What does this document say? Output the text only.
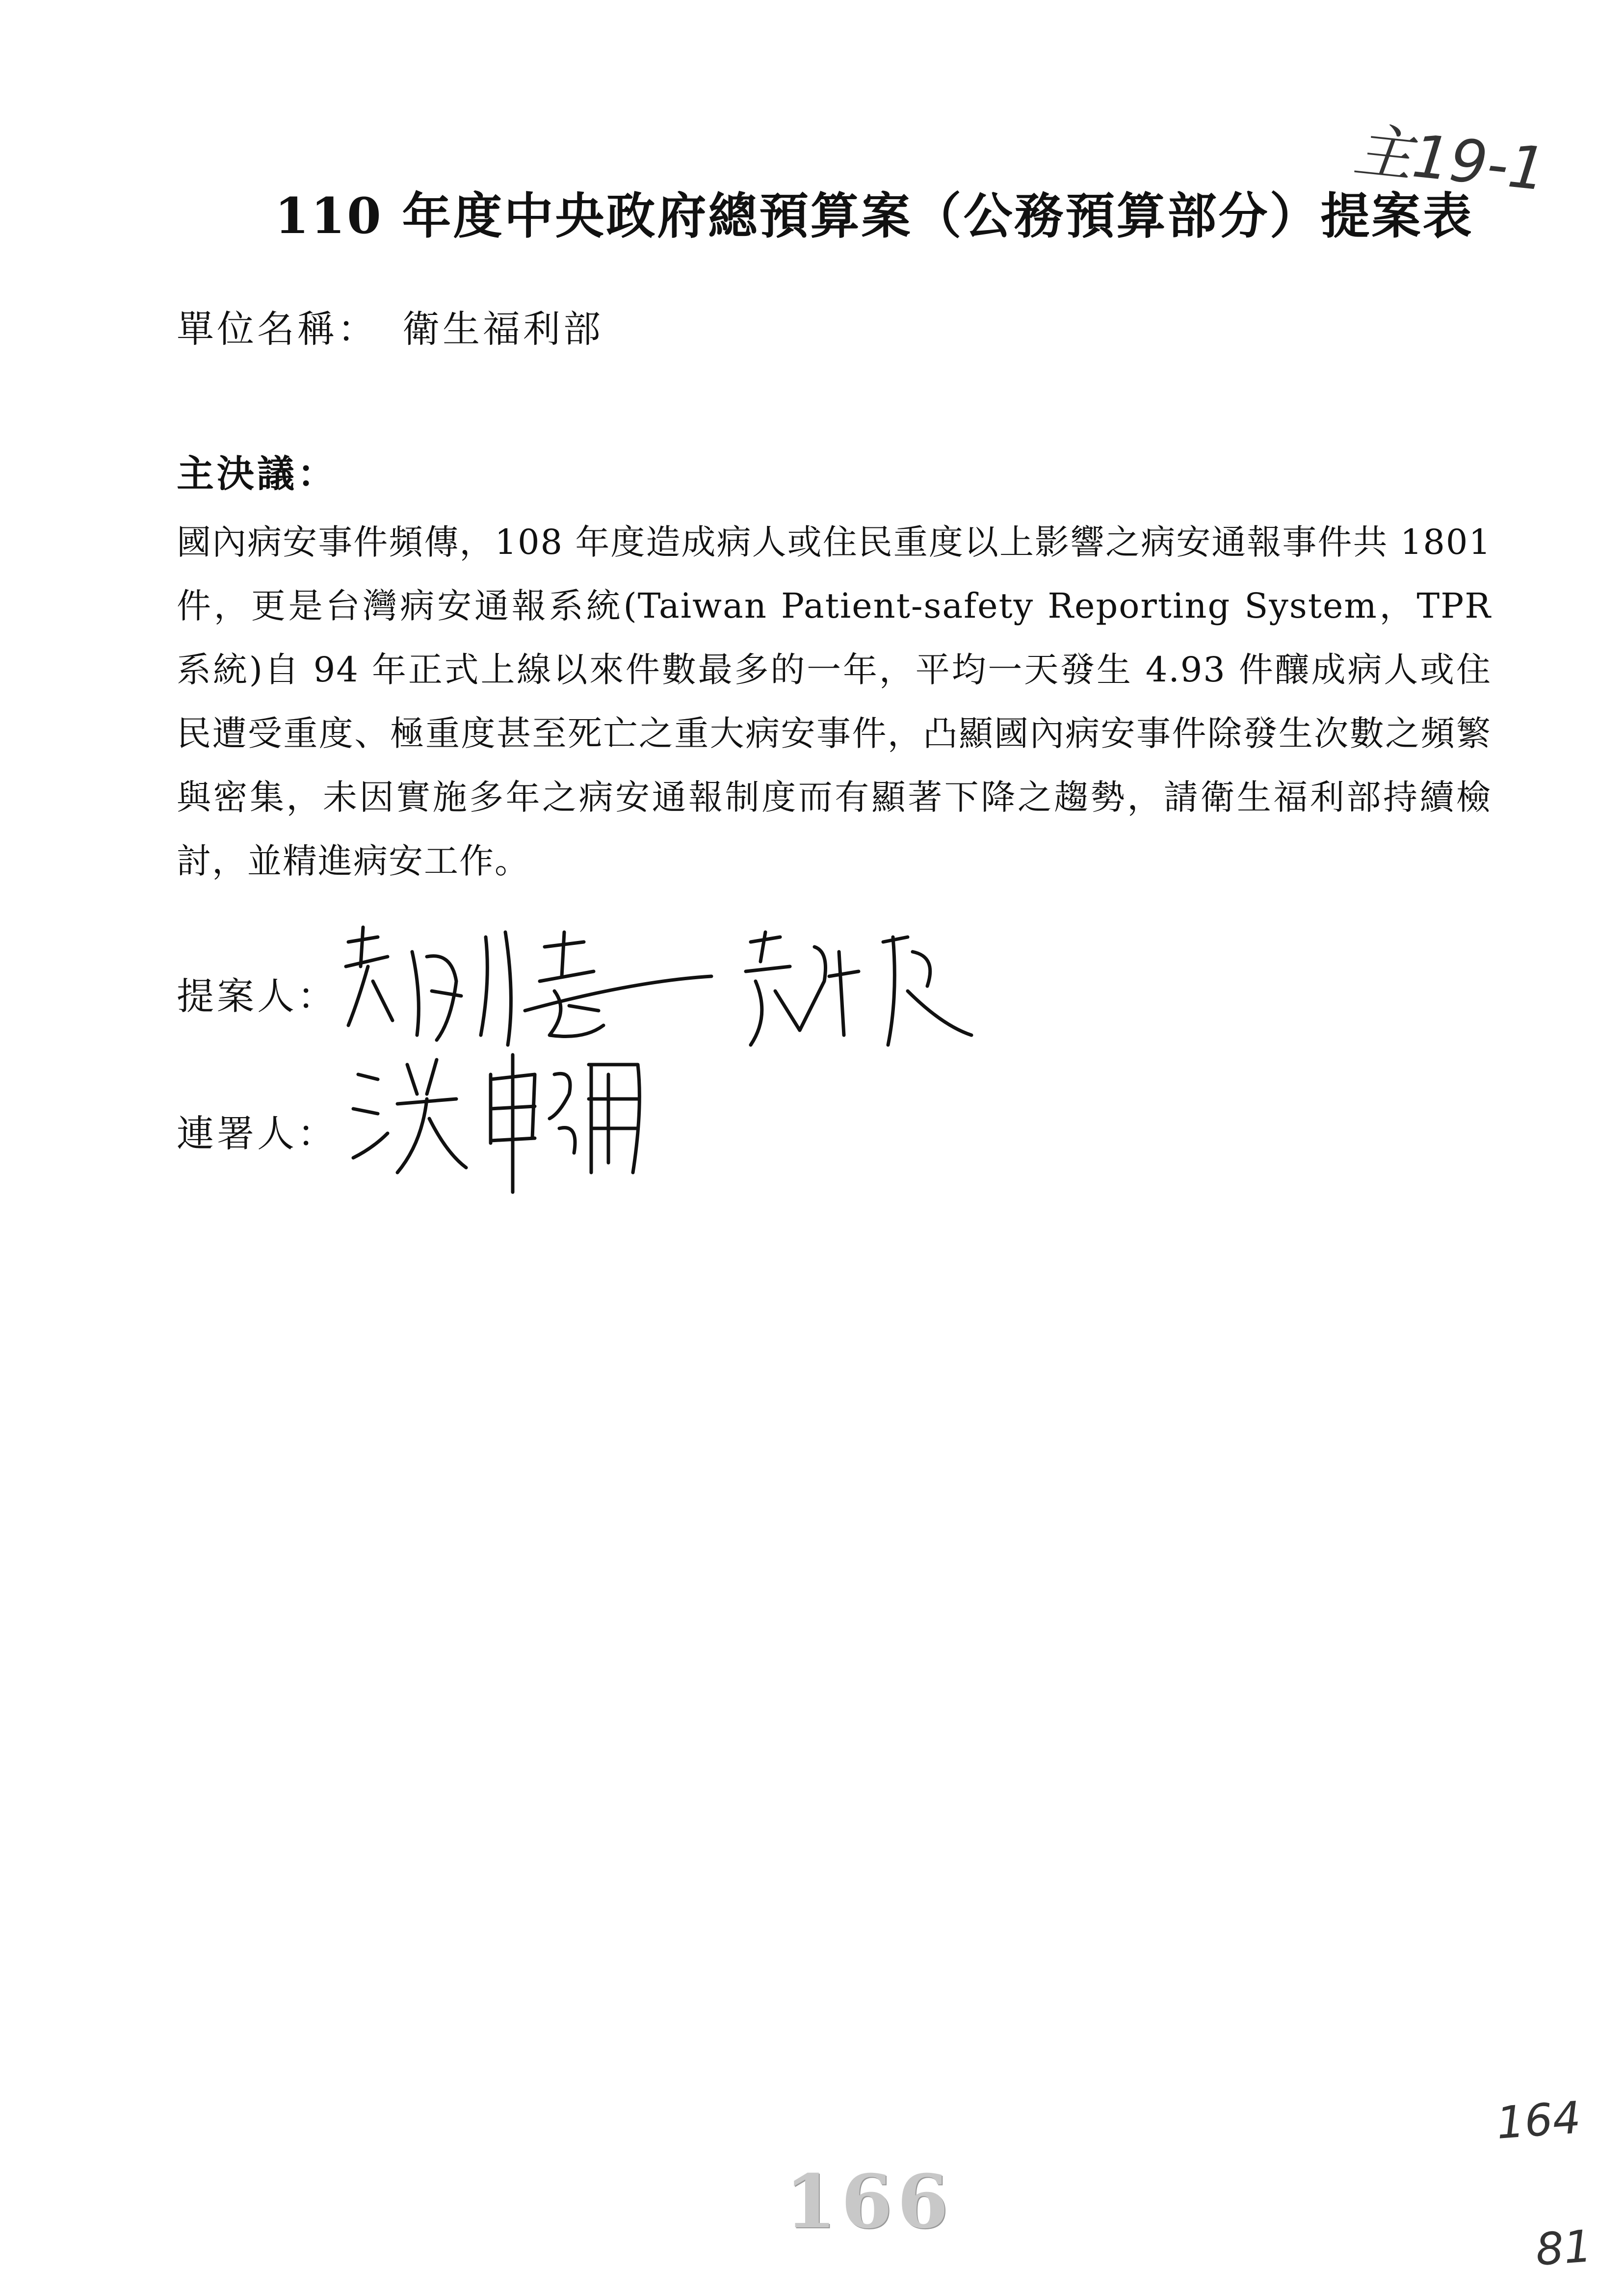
主19-1
110 年度中央政府總預算案（公務預算部分）提案表
單位名稱： 衛生福利部
主決議：

國內病安事件頻傳，108 年度造成病人或住民重度以上影響之病安通報事件共 1801 件，更是台灣病安通報系統(Taiwan Patient-safety Reporting System，TPR 系統)自 94 年正式上線以來件數最多的一年，平均一天發生 4.93 件釀成病人或住民遭受重度、極重度甚至死亡之重大病安事件，凸顯國內病安事件除發生次數之頻繁與密集，未因實施多年之病安通報制度而有顯著下降之趨勢，請衛生福利部持續檢討，並精進病安工作。

提案人：
連署人：
166
164
81
